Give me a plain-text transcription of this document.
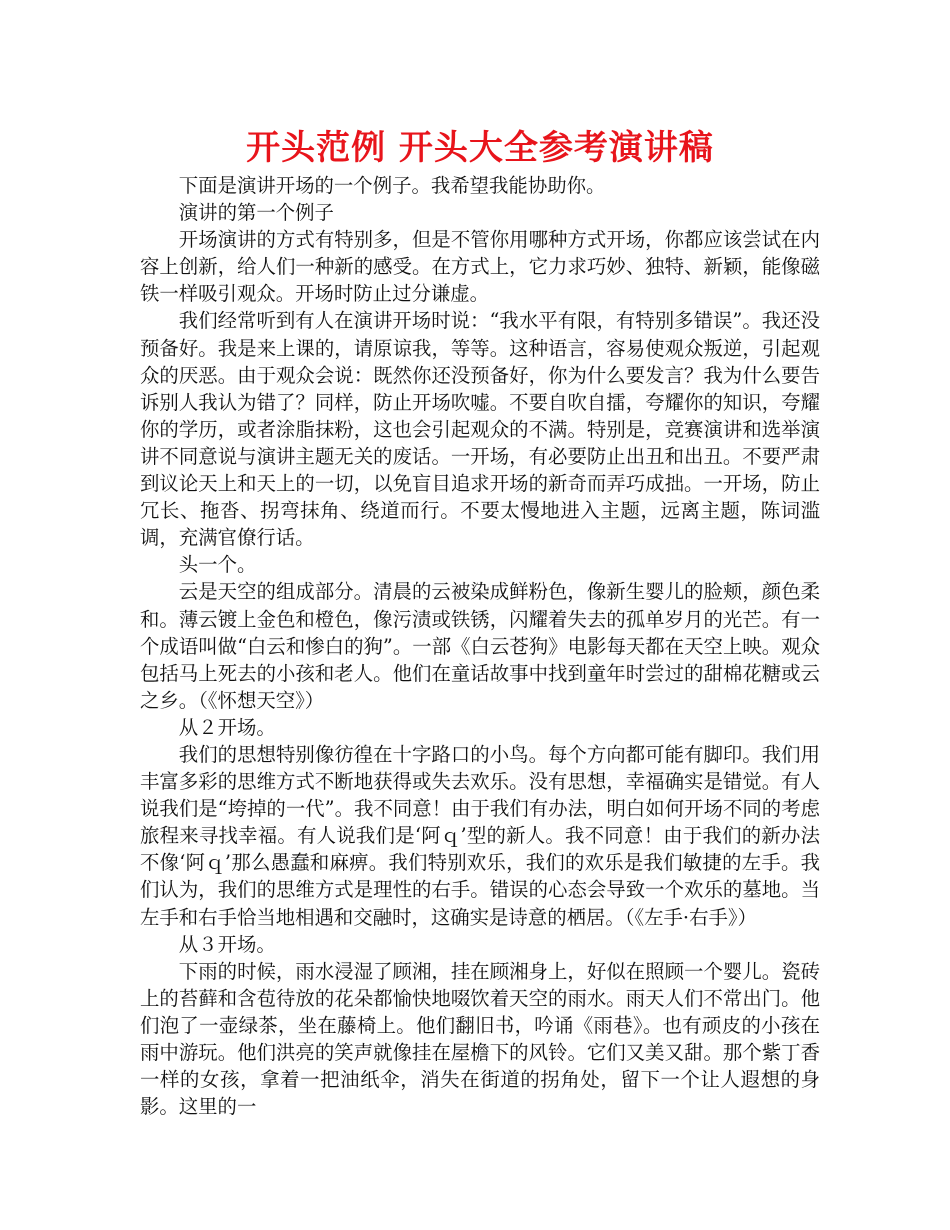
开头范例 开头大全参考演讲稿

下面是演讲开场的一个例子。我希望我能协助你。

演讲的第一个例子

开场演讲的方式有特别多，但是不管你用哪种方式开场，你都应该尝试在内容上创新，给人们一种新的感受。在方式上，它力求巧妙、独特、新颖，能像磁铁一样吸引观众。开场时防止过分谦虚。

我们经常听到有人在演讲开场时说：“我水平有限，有特别多错误”。我还没预备好。我是来上课的，请原谅我，等等。这种语言，容易使观众叛逆，引起观众的厌恶。由于观众会说：既然你还没预备好，你为什么要发言？我为什么要告诉别人我认为错了？同样，防止开场吹嘘。不要自吹自擂，夸耀你的知识，夸耀你的学历，或者涂脂抹粉，这也会引起观众的不满。特别是，竞赛演讲和选举演讲不同意说与演讲主题无关的废话。一开场，有必要防止出丑和出丑。不要严肃到议论天上和天上的一切，以免盲目追求开场的新奇而弄巧成拙。一开场，防止冗长、拖沓、拐弯抹角、绕道而行。不要太慢地进入主题，远离主题，陈词滥调，充满官僚行话。

头一个。

云是天空的组成部分。清晨的云被染成鲜粉色，像新生婴儿的脸颊，颜色柔和。薄云镀上金色和橙色，像污渍或铁锈，闪耀着失去的孤单岁月的光芒。有一个成语叫做“白云和惨白的狗”。一部《白云苍狗》电影每天都在天空上映。观众包括马上死去的小孩和老人。他们在童话故事中找到童年时尝过的甜棉花糖或云之乡。（《怀想天空》）

从２开场。

我们的思想特别像彷徨在十字路口的小鸟。每个方向都可能有脚印。我们用丰富多彩的思维方式不断地获得或失去欢乐。没有思想，幸福确实是错觉。有人说我们是“垮掉的一代”。我不同意！由于我们有办法，明白如何开场不同的考虑旅程来寻找幸福。有人说我们是‘阿ｑ’型的新人。我不同意！由于我们的新办法不像‘阿ｑ’那么愚蠢和麻痹。我们特别欢乐，我们的欢乐是我们敏捷的左手。我们认为，我们的思维方式是理性的右手。错误的心态会导致一个欢乐的墓地。当左手和右手恰当地相遇和交融时，这确实是诗意的栖居。（《左手·右手》）

从３开场。

下雨的时候，雨水浸湿了顾湘，挂在顾湘身上，好似在照顾一个婴儿。瓷砖上的苔藓和含苞待放的花朵都愉快地啜饮着天空的雨水。雨天人们不常出门。他们泡了一壶绿茶，坐在藤椅上。他们翻旧书，吟诵《雨巷》。也有顽皮的小孩在雨中游玩。他们洪亮的笑声就像挂在屋檐下的风铃。它们又美又甜。那个紫丁香一样的女孩，拿着一把油纸伞，消失在街道的拐角处，留下一个让人遐想的身影。这里的一
